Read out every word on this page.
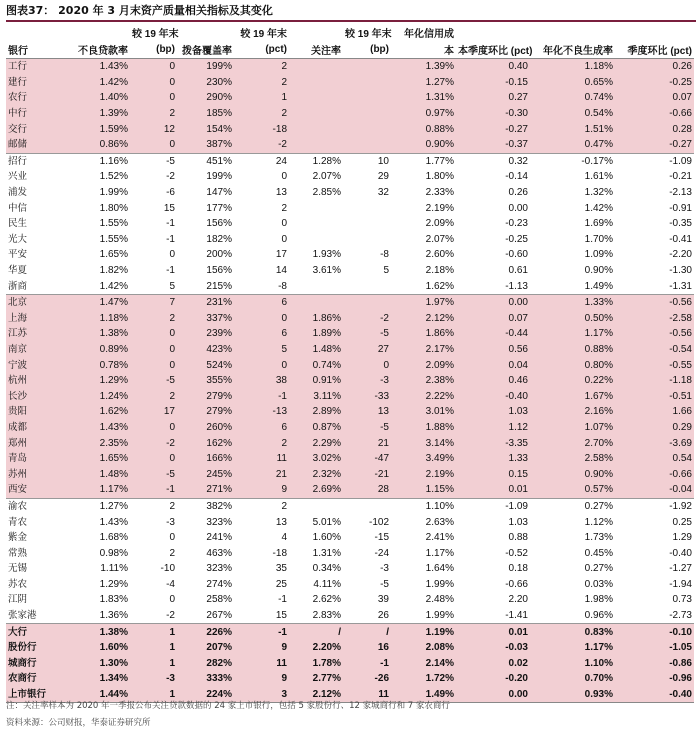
图表37： 2020 年 3 月末资产质量相关指标及其变化
		较 19 年末		较 19 年末		较 19 年末	年化信用成			
银行	不良贷款率	(bp)	拨备覆盖率	(pct)	关注率	(bp)	本	本季度环比 (pct)	年化不良生成率	季度环比 (pct)
工行	1.43%	0	199%	2			1.39%	0.40	1.18%	0.26
建行	1.42%	0	230%	2			1.27%	-0.15	0.65%	-0.25
农行	1.40%	0	290%	1			1.31%	0.27	0.74%	0.07
中行	1.39%	2	185%	2			0.97%	-0.30	0.54%	-0.66
交行	1.59%	12	154%	-18			0.88%	-0.27	1.51%	0.28
邮储	0.86%	0	387%	-2			0.90%	-0.37	0.47%	-0.27
招行	1.16%	-5	451%	24	1.28%	10	1.77%	0.32	-0.17%	-1.09
兴业	1.52%	-2	199%	0	2.07%	29	1.80%	-0.14	1.61%	-0.21
浦发	1.99%	-6	147%	13	2.85%	32	2.33%	0.26	1.32%	-2.13
中信	1.80%	15	177%	2			2.19%	0.00	1.42%	-0.91
民生	1.55%	-1	156%	0			2.09%	-0.23	1.69%	-0.35
光大	1.55%	-1	182%	0			2.07%	-0.25	1.70%	-0.41
平安	1.65%	0	200%	17	1.93%	-8	2.60%	-0.60	1.09%	-2.20
华夏	1.82%	-1	156%	14	3.61%	5	2.18%	0.61	0.90%	-1.30
浙商	1.42%	5	215%	-8			1.62%	-1.13	1.49%	-1.31
北京	1.47%	7	231%	6			1.97%	0.00	1.33%	-0.56
上海	1.18%	2	337%	0	1.86%	-2	2.12%	0.07	0.50%	-2.58
江苏	1.38%	0	239%	6	1.89%	-5	1.86%	-0.44	1.17%	-0.56
南京	0.89%	0	423%	5	1.48%	27	2.17%	0.56	0.88%	-0.54
宁波	0.78%	0	524%	0	0.74%	0	2.09%	0.04	0.80%	-0.55
杭州	1.29%	-5	355%	38	0.91%	-3	2.38%	0.46	0.22%	-1.18
长沙	1.24%	2	279%	-1	3.11%	-33	2.22%	-0.40	1.67%	-0.51
贵阳	1.62%	17	279%	-13	2.89%	13	3.01%	1.03	2.16%	1.66
成都	1.43%	0	260%	6	0.87%	-5	1.88%	1.12	1.07%	0.29
郑州	2.35%	-2	162%	2	2.29%	21	3.14%	-3.35	2.70%	-3.69
青岛	1.65%	0	166%	11	3.02%	-47	3.49%	1.33	2.58%	0.54
苏州	1.48%	-5	245%	21	2.32%	-21	2.19%	0.15	0.90%	-0.66
西安	1.17%	-1	271%	9	2.69%	28	1.15%	0.01	0.57%	-0.04
渝农	1.27%	2	382%	2			1.10%	-1.09	0.27%	-1.92
青农	1.43%	-3	323%	13	5.01%	-102	2.63%	1.03	1.12%	0.25
紫金	1.68%	0	241%	4	1.60%	-15	2.41%	0.88	1.73%	1.29
常熟	0.98%	2	463%	-18	1.31%	-24	1.17%	-0.52	0.45%	-0.40
无锡	1.11%	-10	323%	35	0.34%	-3	1.64%	0.18	0.27%	-1.27
苏农	1.29%	-4	274%	25	4.11%	-5	1.99%	-0.66	0.03%	-1.94
江阴	1.83%	0	258%	-1	2.62%	39	2.48%	2.20	1.98%	0.73
张家港	1.36%	-2	267%	15	2.83%	26	1.99%	-1.41	0.96%	-2.73
大行	1.38%	1	226%	-1	/	/	1.19%	0.01	0.83%	-0.10
股份行	1.60%	1	207%	9	2.20%	16	2.08%	-0.03	1.17%	-1.05
城商行	1.30%	1	282%	11	1.78%	-1	2.14%	0.02	1.10%	-0.86
农商行	1.34%	-3	333%	9	2.77%	-26	1.72%	-0.20	0.70%	-0.96
上市银行	1.44%	1	224%	3	2.12%	11	1.49%	0.00	0.93%	-0.40
注：关注率样本为 2020 年一季报公布关注贷款数据的 24 家上市银行，包括 5 家股份行、12 家城商行和 7 家农商行
资料来源：公司财报，华泰证券研究所
